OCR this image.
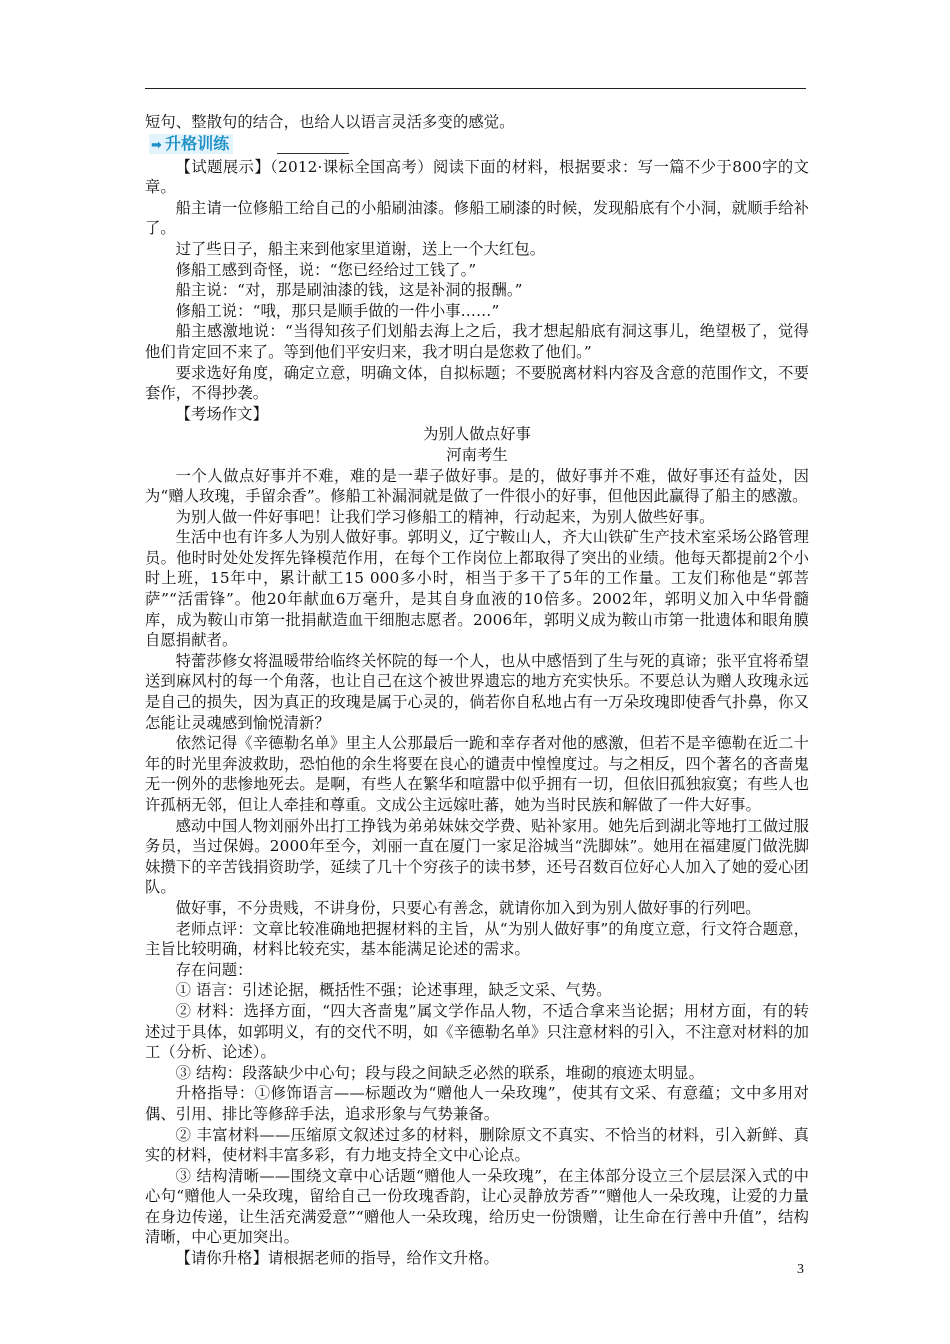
短句、整散句的结合，也给人以语言灵活多变的感觉。

➡ 升格训练

【试题展示】（2012·课标全国高考）阅读下面的材料，根据要求：写一篇不少于800字的文章。

船主请一位修船工给自己的小船刷油漆。修船工刷漆的时候，发现船底有个小洞，就顺手给补了。

过了些日子，船主来到他家里道谢，送上一个大红包。

修船工感到奇怪，说：“您已经给过工钱了。”

船主说：“对，那是刷油漆的钱，这是补洞的报酬。”

修船工说：“哦，那只是顺手做的一件小事……”

船主感激地说：“当得知孩子们划船去海上之后，我才想起船底有洞这事儿，绝望极了，觉得他们肯定回不来了。等到他们平安归来，我才明白是您救了他们。”

要求选好角度，确定立意，明确文体，自拟标题；不要脱离材料内容及含意的范围作文，不要套作，不得抄袭。

【考场作文】

为别人做点好事

河南考生

一个人做点好事并不难，难的是一辈子做好事。是的，做好事并不难，做好事还有益处，因为“赠人玫瑰，手留余香”。修船工补漏洞就是做了一件很小的好事，但他因此赢得了船主的感激。

为别人做一件好事吧！让我们学习修船工的精神，行动起来，为别人做些好事。

生活中也有许多人为别人做好事。郭明义，辽宁鞍山人，齐大山铁矿生产技术室采场公路管理员。他时时处处发挥先锋模范作用，在每个工作岗位上都取得了突出的业绩。他每天都提前2个小时上班，15年中，累计献工15 000多小时，相当于多干了5年的工作量。工友们称他是“郭菩萨”“活雷锋”。他20年献血6万毫升，是其自身血液的10倍多。2002年，郭明义加入中华骨髓库，成为鞍山市第一批捐献造血干细胞志愿者。2006年，郭明义成为鞍山市第一批遗体和眼角膜自愿捐献者。

特蕾莎修女将温暖带给临终关怀院的每一个人，也从中感悟到了生与死的真谛；张平宜将希望送到麻风村的每一个角落，也让自己在这个被世界遗忘的地方充实快乐。不要总认为赠人玫瑰永远是自己的损失，因为真正的玫瑰是属于心灵的，倘若你自私地占有一万朵玫瑰即使香气扑鼻，你又怎能让灵魂感到愉悦清新？

依然记得《辛德勒名单》里主人公那最后一跪和幸存者对他的感激，但若不是辛德勒在近二十年的时光里奔波救助，恐怕他的余生将要在良心的谴责中惶惶度过。与之相反，四个著名的吝啬鬼无一例外的悲惨地死去。是啊，有些人在繁华和喧嚣中似乎拥有一切，但依旧孤独寂寞；有些人也许孤柄无邻，但让人牵挂和尊重。文成公主远嫁吐蕃，她为当时民族和解做了一件大好事。

感动中国人物刘丽外出打工挣钱为弟弟妹妹交学费、贴补家用。她先后到湖北等地打工做过服务员，当过保姆。2000年至今，刘丽一直在厦门一家足浴城当“洗脚妹”。她用在福建厦门做洗脚妹攒下的辛苦钱捐资助学，延续了几十个穷孩子的读书梦，还号召数百位好心人加入了她的爱心团队。

做好事，不分贵贱，不讲身份，只要心有善念，就请你加入到为别人做好事的行列吧。

老师点评：文章比较准确地把握材料的主旨，从“为别人做好事”的角度立意，行文符合题意，主旨比较明确，材料比较充实，基本能满足论述的需求。

存在问题：

① 语言：引述论据，概括性不强；论述事理，缺乏文采、气势。

② 材料：选择方面，“四大吝啬鬼”属文学作品人物，不适合拿来当论据；用材方面，有的转述过于具体，如郭明义，有的交代不明，如《辛德勒名单》只注意材料的引入，不注意对材料的加工（分析、论述）。

③ 结构：段落缺少中心句；段与段之间缺乏必然的联系，堆砌的痕迹太明显。

升格指导：①修饰语言——标题改为“赠他人一朵玫瑰”，使其有文采、有意蕴；文中多用对偶、引用、排比等修辞手法，追求形象与气势兼备。

② 丰富材料——压缩原文叙述过多的材料，删除原文不真实、不恰当的材料，引入新鲜、真实的材料，使材料丰富多彩，有力地支持全文中心论点。

③ 结构清晰——围绕文章中心话题“赠他人一朵玫瑰”，在主体部分设立三个层层深入式的中心句“赠他人一朵玫瑰，留给自己一份玫瑰香韵，让心灵静放芳香”“赠他人一朵玫瑰，让爱的力量在身边传递，让生活充满爱意”“赠他人一朵玫瑰，给历史一份馈赠，让生命在行善中升值”，结构清晰，中心更加突出。

【请你升格】请根据老师的指导，给作文升格。

3
